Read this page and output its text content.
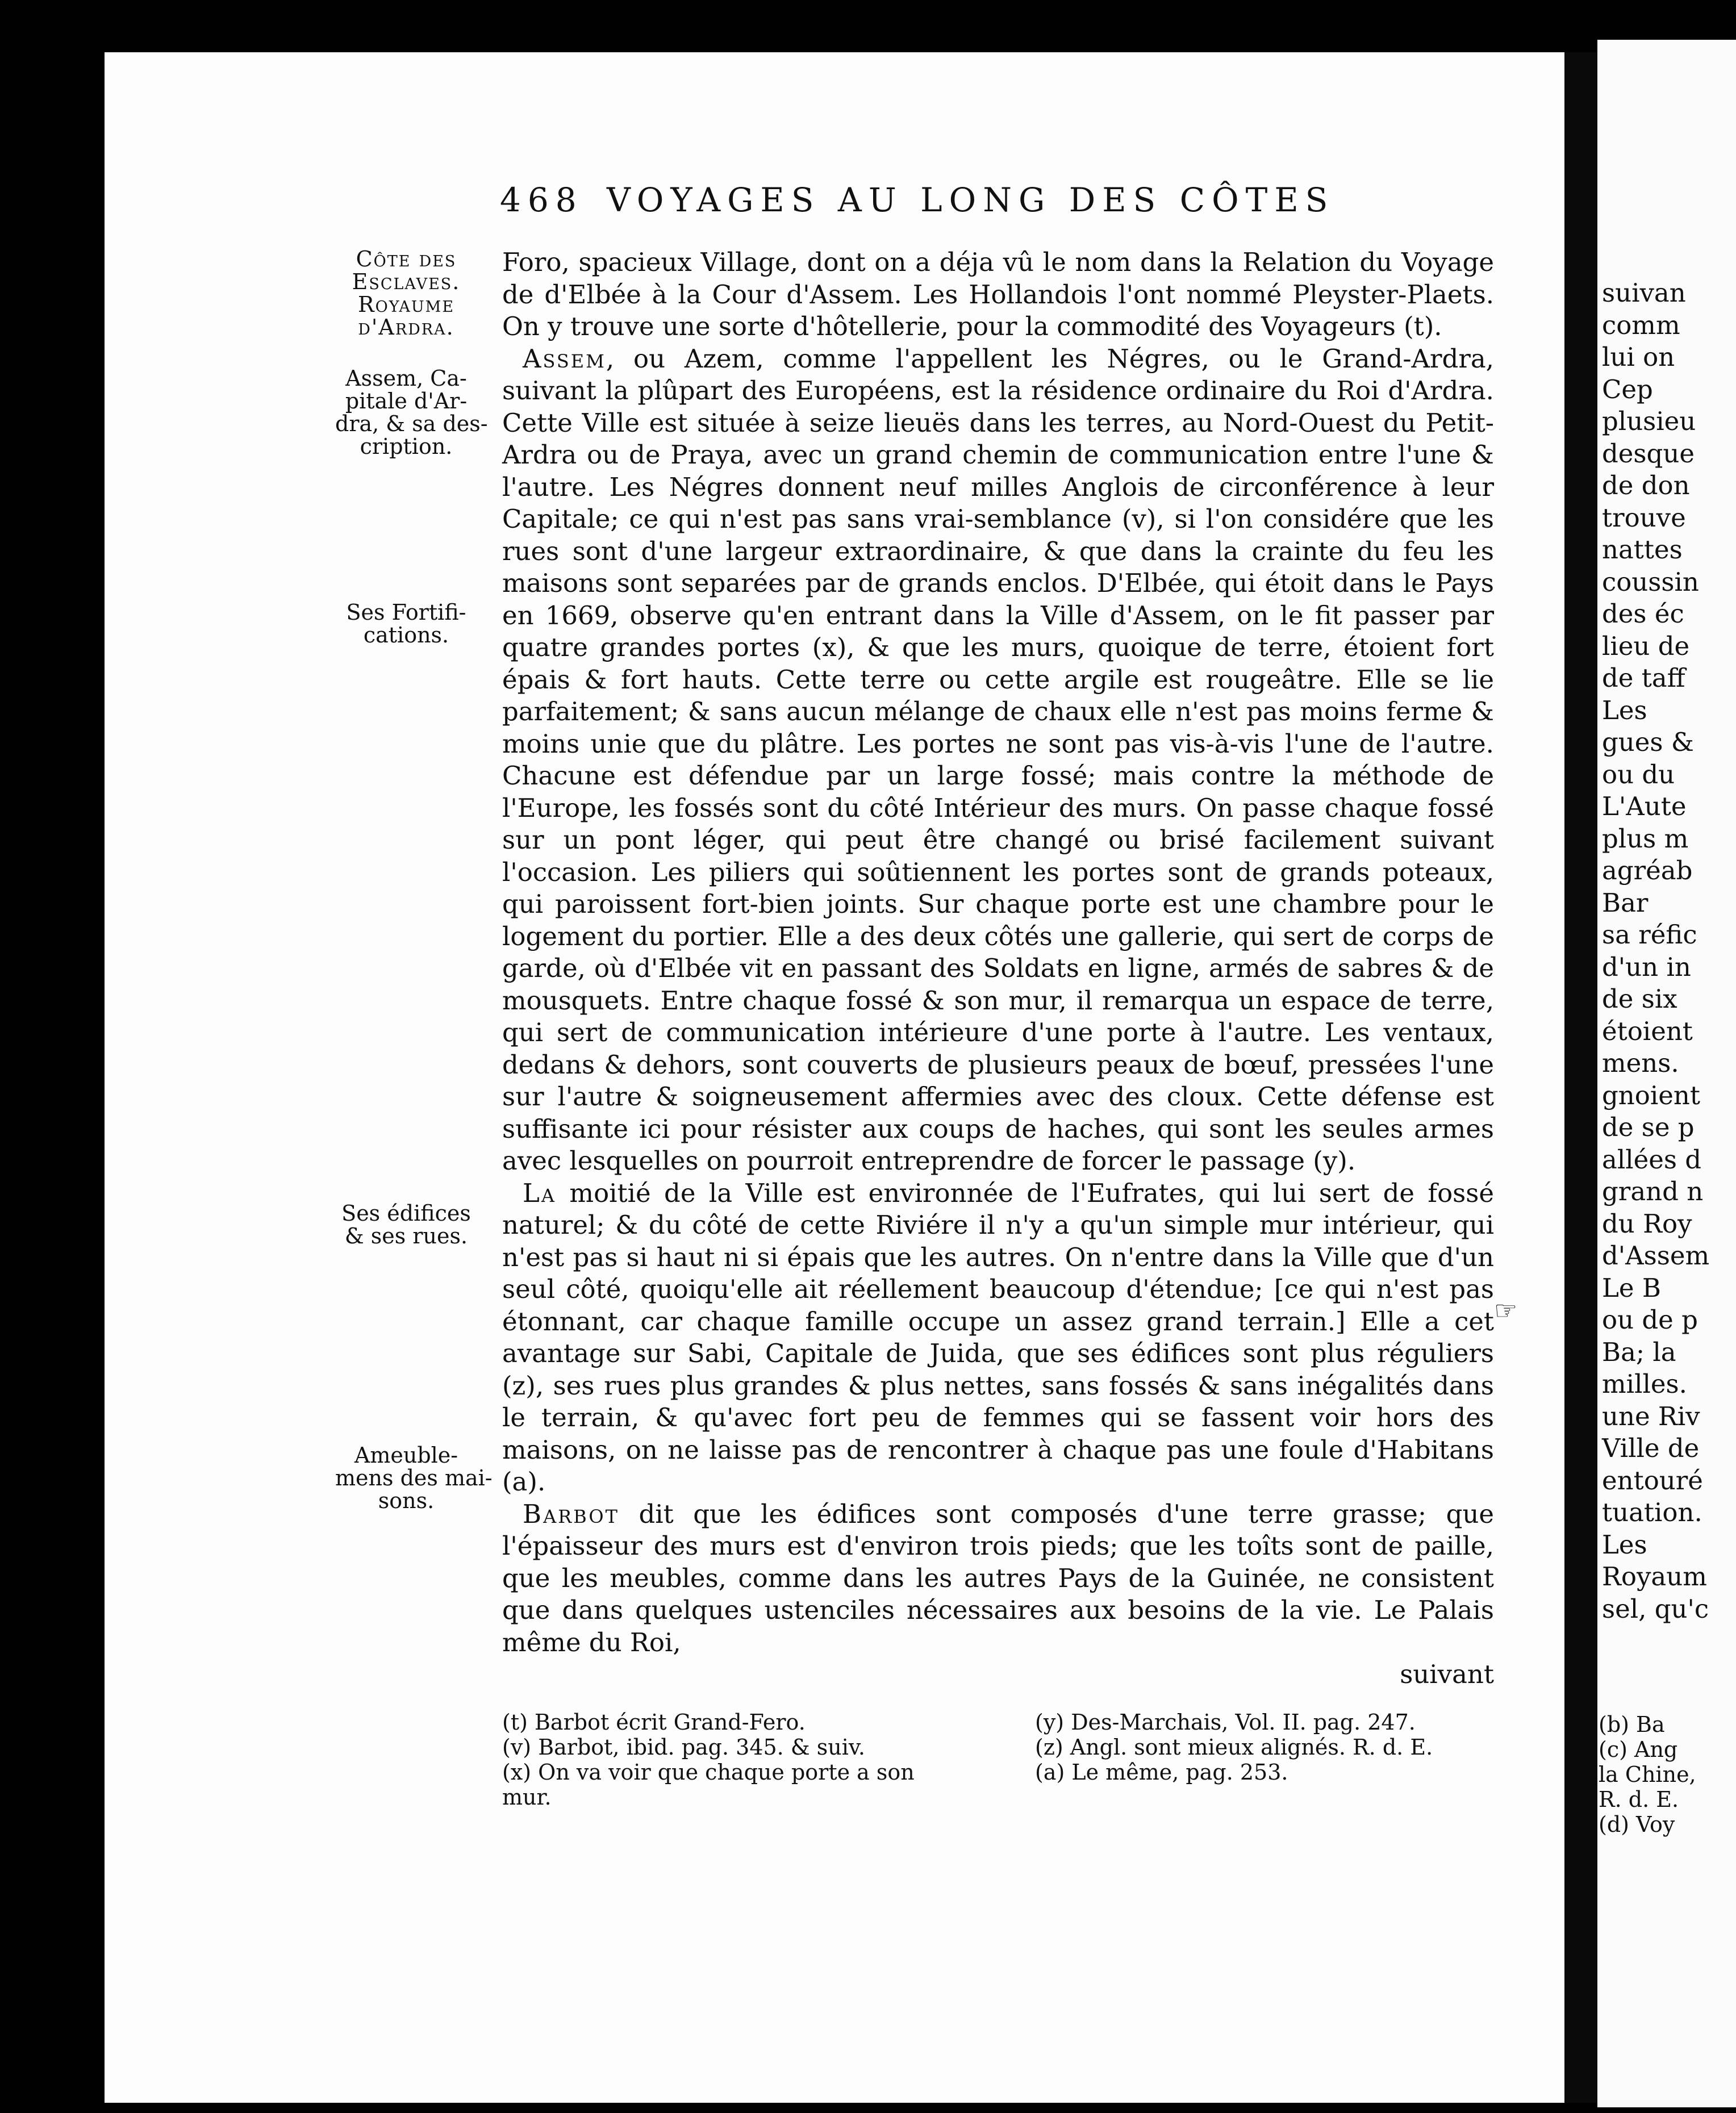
suivan
comm
lui on
Cep
plusieu
desque
de don
trouve
nattes
coussin
des éc
lieu de
de taff
Les
gues &
ou du
L'Aute
plus m
agréab
Bar
sa réfic
d'un in
de six
étoient
mens.
gnoient
de se p
allées d
grand n
du Roy
d'Assem
Le B
ou de p
Ba; la
milles.
une Riv
Ville de
entouré
tuation.
Les
Royaum
sel, qu'c
(b) Ba
(c) Ang
la Chine,
R. d. E.
(d) Voy
468 VOYAGES AU LONG DES CÔTES
Côte des
Esclaves.
Royaume
d'Ardra.
Assem, Ca-
pitale d'Ar-
dra, & sa des-
cription.
Ses Fortifi-
cations.
Ses édifices
& ses rues.
Ameuble-
mens des mai-
sons.

Foro, spacieux Village, dont on a déja vû le nom dans la Relation du Voyage de d'Elbée à la Cour d'Assem. Les Hollandois l'ont nommé Pleyster-Plaets. On y trouve une sorte d'hôtellerie, pour la commodité des Voyageurs (t).

Assem, ou Azem, comme l'appellent les Négres, ou le Grand-Ardra, suivant la plûpart des Européens, est la résidence ordinaire du Roi d'Ardra. Cette Ville est située à seize lieuës dans les terres, au Nord-Ouest du Petit-Ardra ou de Praya, avec un grand chemin de communication entre l'une & l'autre. Les Négres donnent neuf milles Anglois de circonférence à leur Capitale; ce qui n'est pas sans vrai-semblance (v), si l'on considére que les rues sont d'une largeur extraordinaire, & que dans la crainte du feu les maisons sont separées par de grands enclos. D'Elbée, qui étoit dans le Pays en 1669, observe qu'en entrant dans la Ville d'Assem, on le fit passer par quatre grandes portes (x), & que les murs, quoique de terre, étoient fort épais & fort hauts. Cette terre ou cette argile est rougeâtre. Elle se lie parfaitement; & sans aucun mélange de chaux elle n'est pas moins ferme & moins unie que du plâtre. Les portes ne sont pas vis-à-vis l'une de l'autre. Chacune est défendue par un large fossé; mais contre la méthode de l'Europe, les fossés sont du côté Intérieur des murs. On passe chaque fossé sur un pont léger, qui peut être changé ou brisé facilement suivant l'occasion. Les piliers qui soûtiennent les portes sont de grands poteaux, qui paroissent fort-bien joints. Sur chaque porte est une chambre pour le logement du portier. Elle a des deux côtés une gallerie, qui sert de corps de garde, où d'Elbée vit en passant des Soldats en ligne, armés de sabres & de mousquets. Entre chaque fossé & son mur, il remarqua un espace de terre, qui sert de communication intérieure d'une porte à l'autre. Les ventaux, dedans & dehors, sont couverts de plusieurs peaux de bœuf, pressées l'une sur l'autre & soigneusement affermies avec des cloux. Cette défense est suffisante ici pour résister aux coups de haches, qui sont les seules armes avec lesquelles on pourroit entreprendre de forcer le passage (y).

La moitié de la Ville est environnée de l'Eufrates, qui lui sert de fossé naturel; & du côté de cette Riviére il n'y a qu'un simple mur intérieur, qui n'est pas si haut ni si épais que les autres. On n'entre dans la Ville que d'un seul côté, quoiqu'elle ait réellement beaucoup d'étendue; [ce qui n'est pas étonnant, car chaque famille occupe un assez grand terrain.] Elle a cet avantage sur Sabi, Capitale de Juida, que ses édifices sont plus réguliers (z), ses rues plus grandes & plus nettes, sans fossés & sans inégalités dans le terrain, & qu'avec fort peu de femmes qui se fassent voir hors des maisons, on ne laisse pas de rencontrer à chaque pas une foule d'Habitans (a).

Barbot dit que les édifices sont composés d'une terre grasse; que l'épaisseur des murs est d'environ trois pieds; que les toîts sont de paille, que les meubles, comme dans les autres Pays de la Guinée, ne consistent que dans quelques ustenciles nécessaires aux besoins de la vie. Le Palais même du Roi,

suivant
☞
(t) Barbot écrit Grand-Fero.
(v) Barbot, ibid. pag. 345. & suiv.
(x) On va voir que chaque porte a son
mur.
(y) Des-Marchais, Vol. II. pag. 247.
(z) Angl. sont mieux alignés. R. d. E.
(a) Le même, pag. 253.
